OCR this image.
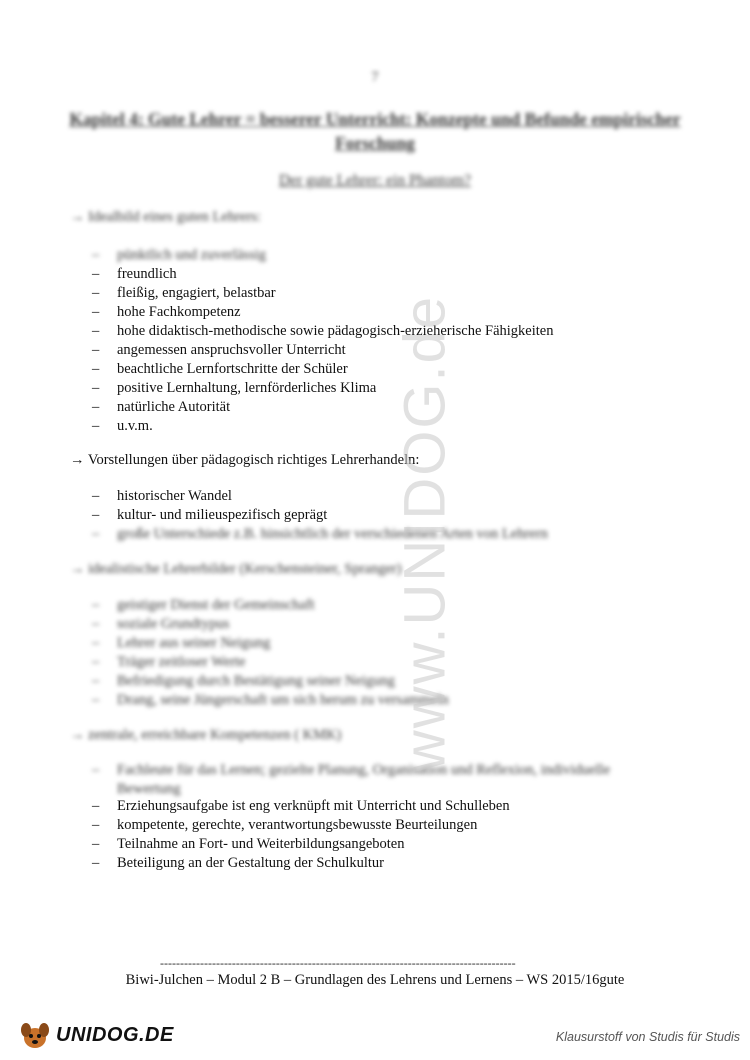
7
Kapitel 4: Gute Lehrer = besserer Unterricht: Konzepte und Befunde empirischer Forschung
Der gute Lehrer: ein Phantom?
→ Idealbild eines guten Lehrers:
– pünktlich und zuverlässig
– freundlich
– fleißig, engagiert, belastbar
– hohe Fachkompetenz
– hohe didaktisch-methodische sowie pädagogisch-erzieherische Fähigkeiten
– angemessen anspruchsvoller Unterricht
– beachtliche Lernfortschritte der Schüler
– positive Lernhaltung, lernförderliches Klima
– natürliche Autorität
– u.v.m.
→ Vorstellungen über pädagogisch richtiges Lehrerhandeln:
– historischer Wandel
– kultur- und milieuspezifisch geprägt
– große Unterschiede z.B. hinsichtlich der verschiedenen Arten von Lehrern
→ idealistische Lehrerbilder (Kerschensteiner, Spranger)
– geistiger Dienst der Gemeinschaft
– soziale Grundtypus
– Lehrer aus seiner Neigung
– Träger zeitloser Werte
– Befriedigung durch Bestätigung seiner Neigung
– Drang, seine Jüngerschaft um sich herum zu versammeln
→ zentrale, erreichbare Kompetenzen ( KMK)
– Fachleute für das Lernen; gezielte Planung, Organisation und Reflexion, individuelle Bewertung
– Erziehungsaufgabe ist eng verknüpft mit Unterricht und Schulleben
– kompetente, gerechte, verantwortungsbewusste Beurteilungen
– Teilnahme an Fort- und Weiterbildungsangeboten
– Beteiligung an der Gestaltung der Schulkultur
www.UNIDOG.de
-----------------------------------------------------------------------------------------
Biwi-Julchen – Modul 2 B – Grundlagen des Lehrens und Lernens – WS 2015/16gute
UNIDOG.DE	Klausurstoff von Studis für Studis
